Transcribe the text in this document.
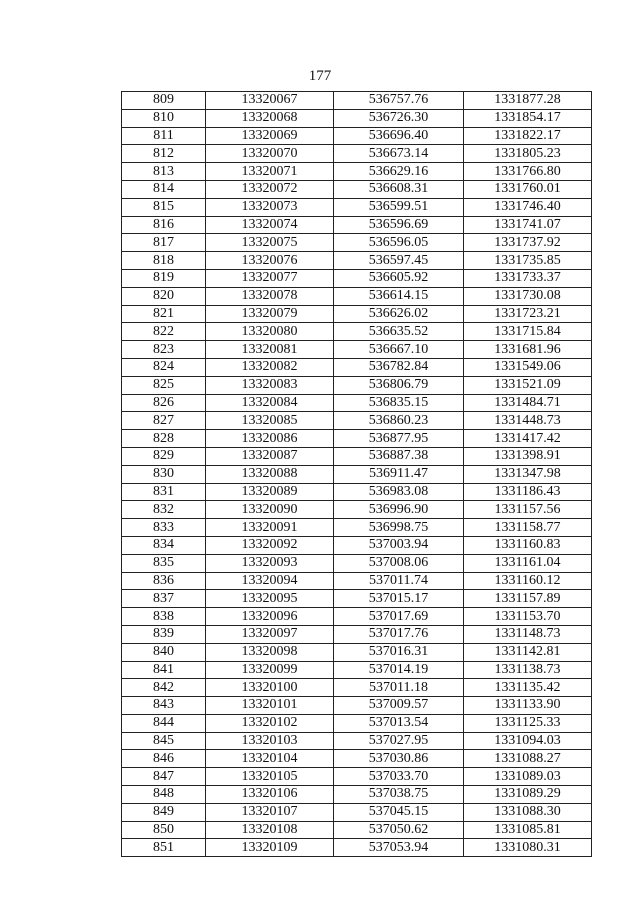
177
809	13320067	536757.76	1331877.28
810	13320068	536726.30	1331854.17
811	13320069	536696.40	1331822.17
812	13320070	536673.14	1331805.23
813	13320071	536629.16	1331766.80
814	13320072	536608.31	1331760.01
815	13320073	536599.51	1331746.40
816	13320074	536596.69	1331741.07
817	13320075	536596.05	1331737.92
818	13320076	536597.45	1331735.85
819	13320077	536605.92	1331733.37
820	13320078	536614.15	1331730.08
821	13320079	536626.02	1331723.21
822	13320080	536635.52	1331715.84
823	13320081	536667.10	1331681.96
824	13320082	536782.84	1331549.06
825	13320083	536806.79	1331521.09
826	13320084	536835.15	1331484.71
827	13320085	536860.23	1331448.73
828	13320086	536877.95	1331417.42
829	13320087	536887.38	1331398.91
830	13320088	536911.47	1331347.98
831	13320089	536983.08	1331186.43
832	13320090	536996.90	1331157.56
833	13320091	536998.75	1331158.77
834	13320092	537003.94	1331160.83
835	13320093	537008.06	1331161.04
836	13320094	537011.74	1331160.12
837	13320095	537015.17	1331157.89
838	13320096	537017.69	1331153.70
839	13320097	537017.76	1331148.73
840	13320098	537016.31	1331142.81
841	13320099	537014.19	1331138.73
842	13320100	537011.18	1331135.42
843	13320101	537009.57	1331133.90
844	13320102	537013.54	1331125.33
845	13320103	537027.95	1331094.03
846	13320104	537030.86	1331088.27
847	13320105	537033.70	1331089.03
848	13320106	537038.75	1331089.29
849	13320107	537045.15	1331088.30
850	13320108	537050.62	1331085.81
851	13320109	537053.94	1331080.31
